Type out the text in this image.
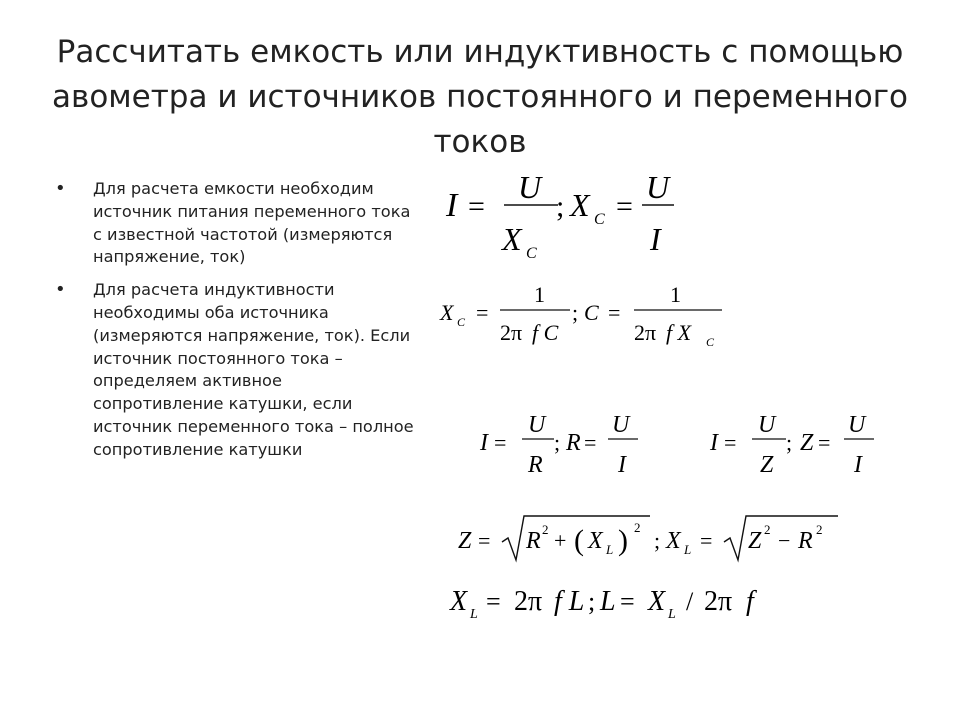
Рассчитать емкость или индуктивность с помощью авометра и источников постоянного и переменного токов
• Для расчета емкости необходим источник питания переменного тока с известной частотой (измеряются напряжение, ток)
• Для расчета индуктивности необходимы оба источника (измеряются напряжение, ток). Если источник постоянного тока – определяем активное сопротивление катушки, если источник переменного тока – полное сопротивление катушки
I =
U
X C
; X C =
U
I
X C =
1
2π f C
; C =
1
2π f X C
I =
U
R
; R =
U
I
I =
U
Z
; Z =
U
I
Z = R 2 + ( X L ) 2
; X L = Z 2 − R 2
X L = 2π f L ; L = X L / 2π f
